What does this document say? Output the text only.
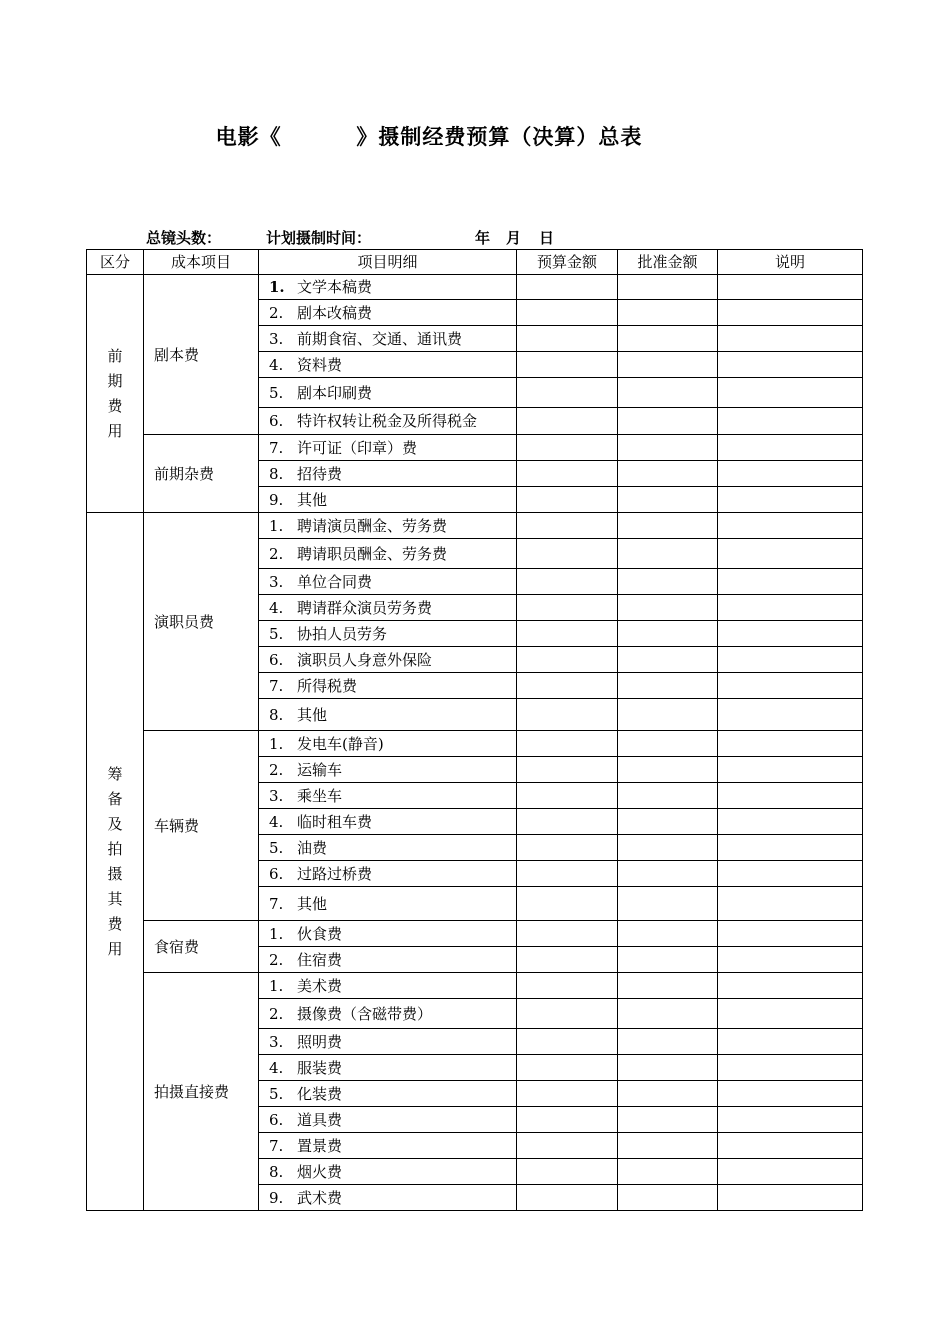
电影《         》摄制经费预算（决算）总表
总镜头数：	计划摄制时间：	年 月 日
区分	成本项目	项目明细	预算金额	批准金额	说明
前期费用	剧本费	1. 文学本稿费			
		2. 剧本改稿费			
		3. 前期食宿、交通、通讯费			
		4. 资料费			
		5. 剧本印刷费			
		6. 特许权转让税金及所得税金			
	前期杂费	7. 许可证（印章）费			
		8. 招待费			
		9. 其他			
筹备及拍摄其费用	演职员费	1. 聘请演员酬金、劳务费			
		2. 聘请职员酬金、劳务费			
		3. 单位合同费			
		4. 聘请群众演员劳务费			
		5. 协拍人员劳务			
		6. 演职员人身意外保险			
		7. 所得税费			
		8. 其他			
	车辆费	1. 发电车(静音)			
		2. 运输车			
		3. 乘坐车			
		4. 临时租车费			
		5. 油费			
		6. 过路过桥费			
		7. 其他			
	食宿费	1. 伙食费			
		2. 住宿费			
	拍摄直接费	1. 美术费			
		2. 摄像费（含磁带费）			
		3. 照明费			
		4. 服装费			
		5. 化装费			
		6. 道具费			
		7. 置景费			
		8. 烟火费			
		9. 武术费			
